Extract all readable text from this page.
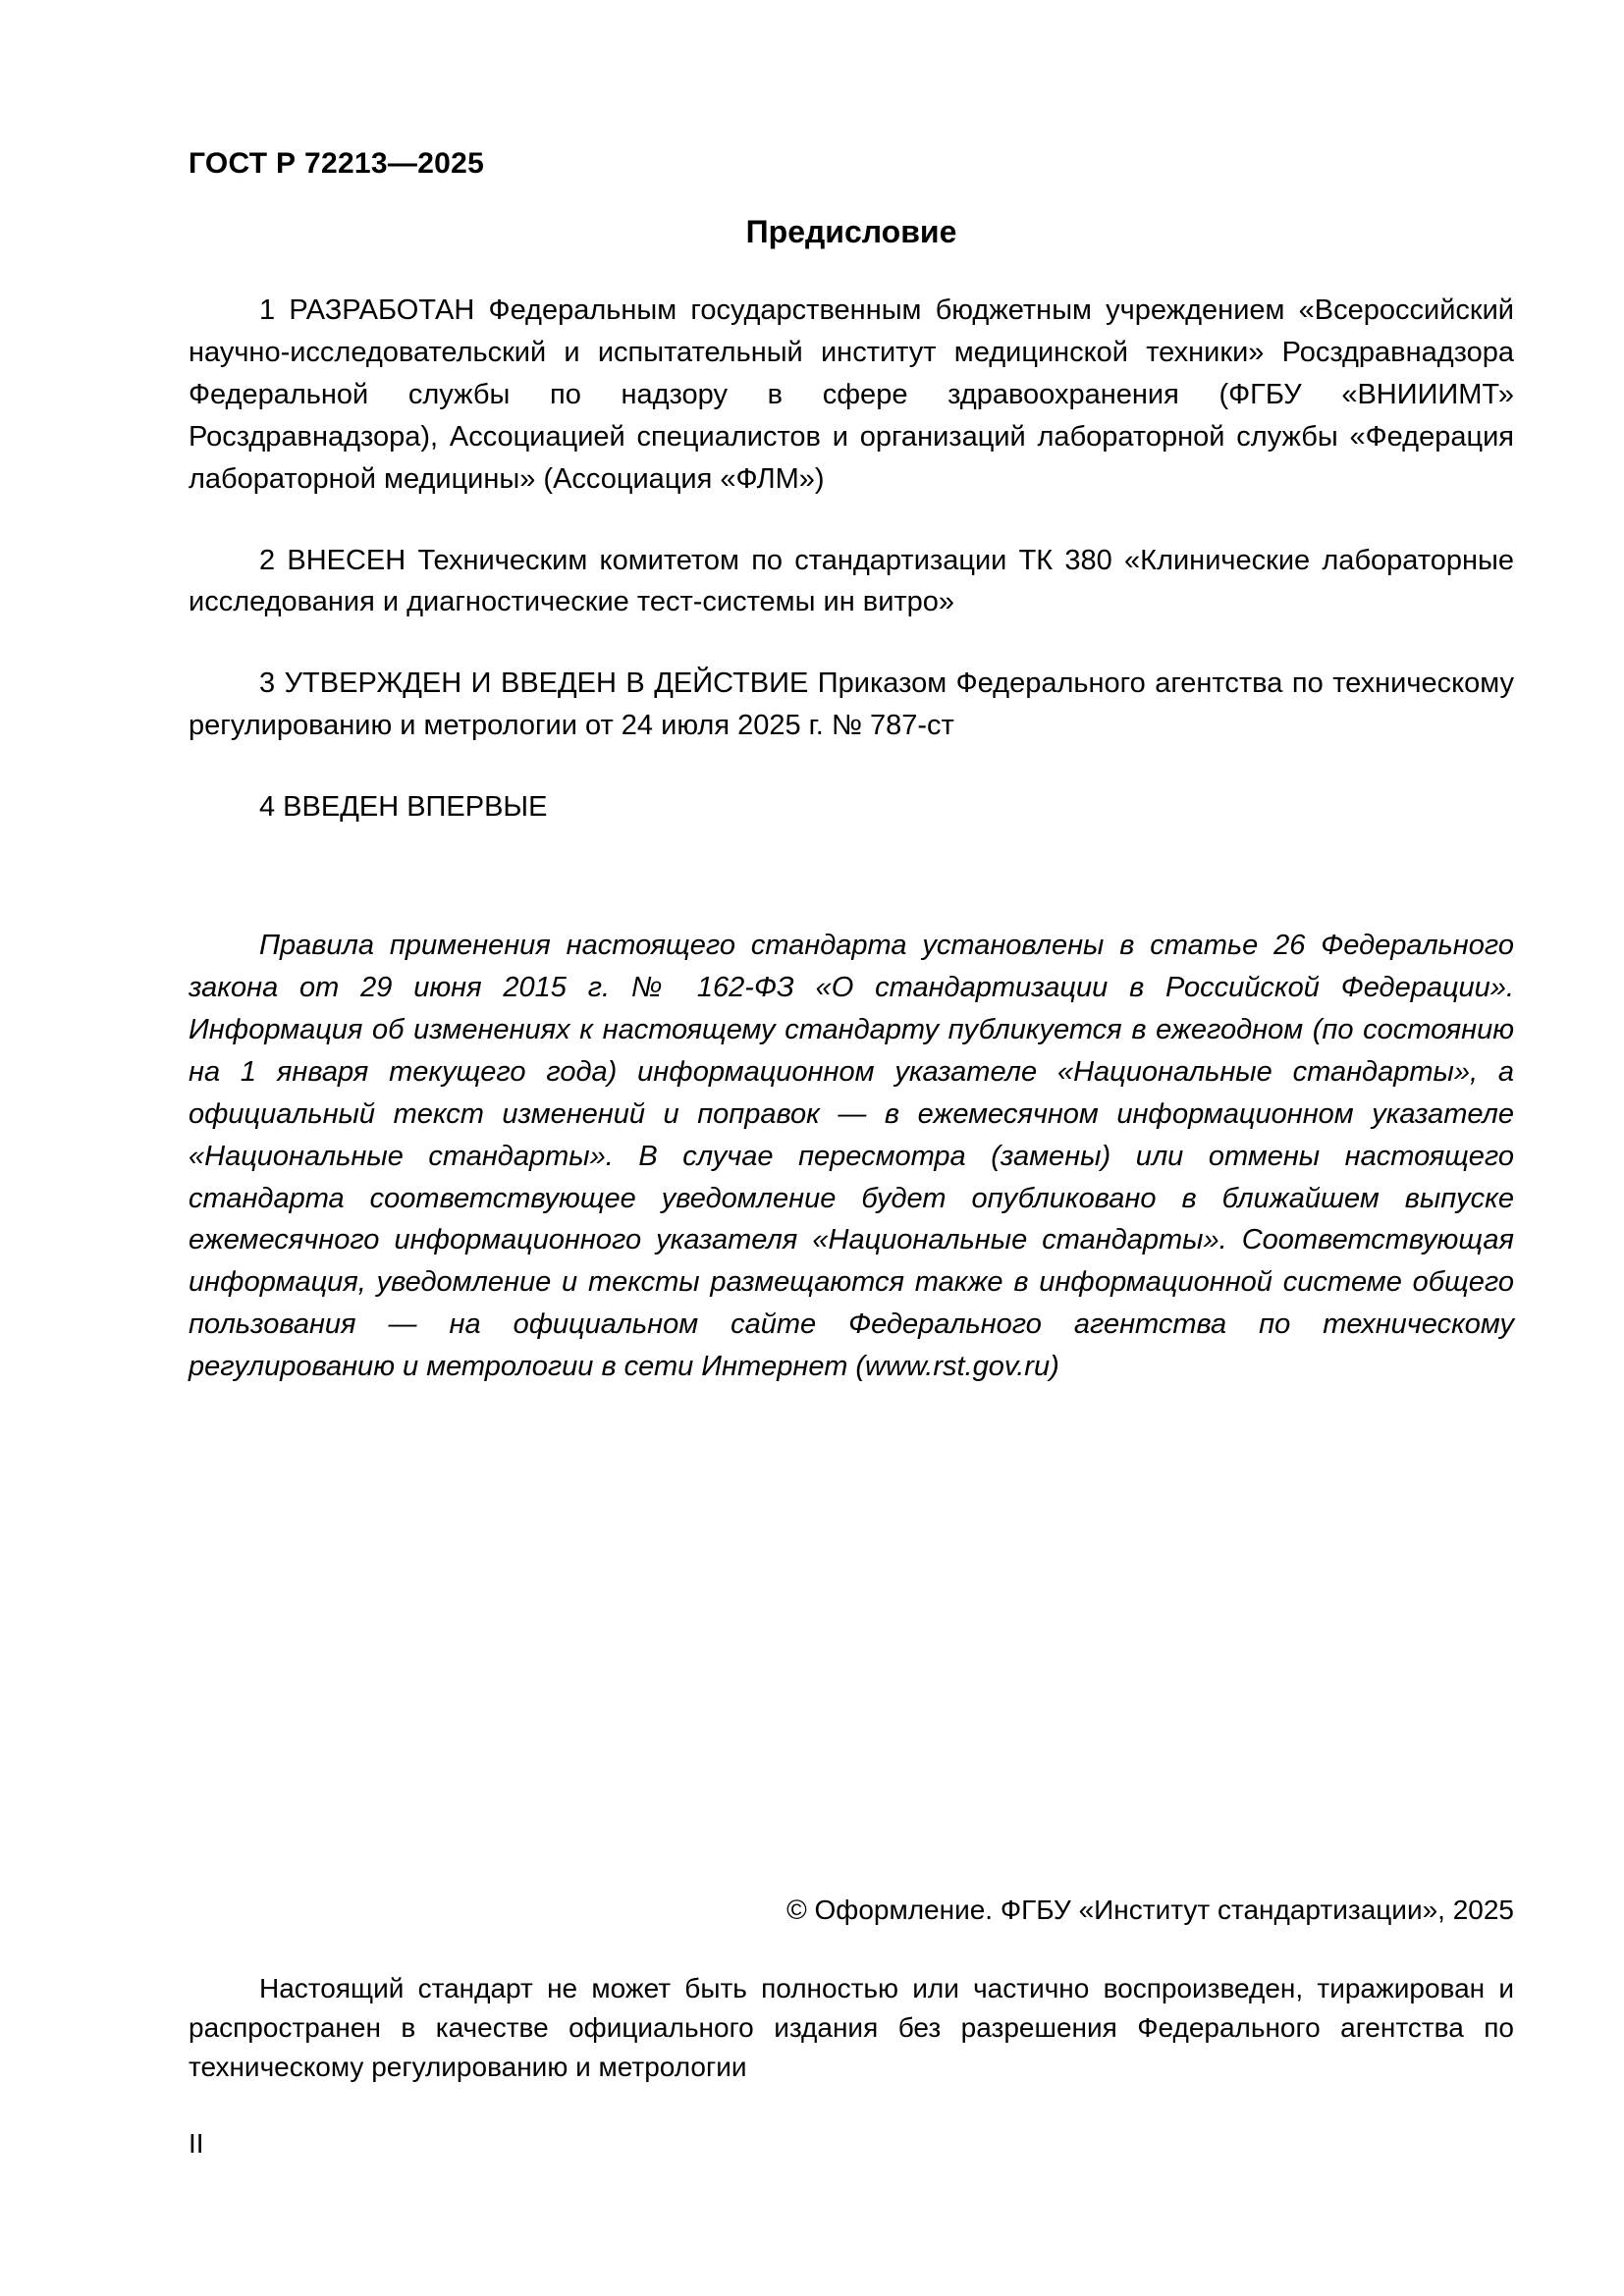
ГОСТ Р 72213—2025
Предисловие

1 РАЗРАБОТАН Федеральным государственным бюджетным учреждением «Всероссийский научно-исследовательский и испытательный институт медицинской техники» Росздравнадзора Федеральной службы по надзору в сфере здравоохранения (ФГБУ «ВНИИИМТ» Росздравнадзора), Ассоциацией специалистов и организаций лабораторной службы «Федерация лабораторной медицины» (Ассоциация «ФЛМ»)

2 ВНЕСЕН Техническим комитетом по стандартизации ТК 380 «Клинические лабораторные исследования и диагностические тест-системы ин витро»

3 УТВЕРЖДЕН И ВВЕДЕН В ДЕЙСТВИЕ Приказом Федерального агентства по техническому регулированию и метрологии от 24 июля 2025 г. № 787-ст

4 ВВЕДЕН ВПЕРВЫЕ

Правила применения настоящего стандарта установлены в статье 26 Федерального закона от 29 июня 2015 г. № 162-ФЗ «О стандартизации в Российской Федерации». Информация об изменениях к настоящему стандарту публикуется в ежегодном (по состоянию на 1 января текущего года) информационном указателе «Национальные стандарты», а официальный текст изменений и поправок — в ежемесячном информационном указателе «Национальные стандарты». В случае пересмотра (замены) или отмены настоящего стандарта соответствующее уведомление будет опубликовано в ближайшем выпуске ежемесячного информационного указателя «Национальные стандарты». Соответствующая информация, уведомление и тексты размещаются также в информационной системе общего пользования — на официальном сайте Федерального агентства по техническому регулированию и метрологии в сети Интернет (www.rst.gov.ru)

© Оформление. ФГБУ «Институт стандартизации», 2025

Настоящий стандарт не может быть полностью или частично воспроизведен, тиражирован и распространен в качестве официального издания без разрешения Федерального агентства по техническому регулированию и метрологии

II
